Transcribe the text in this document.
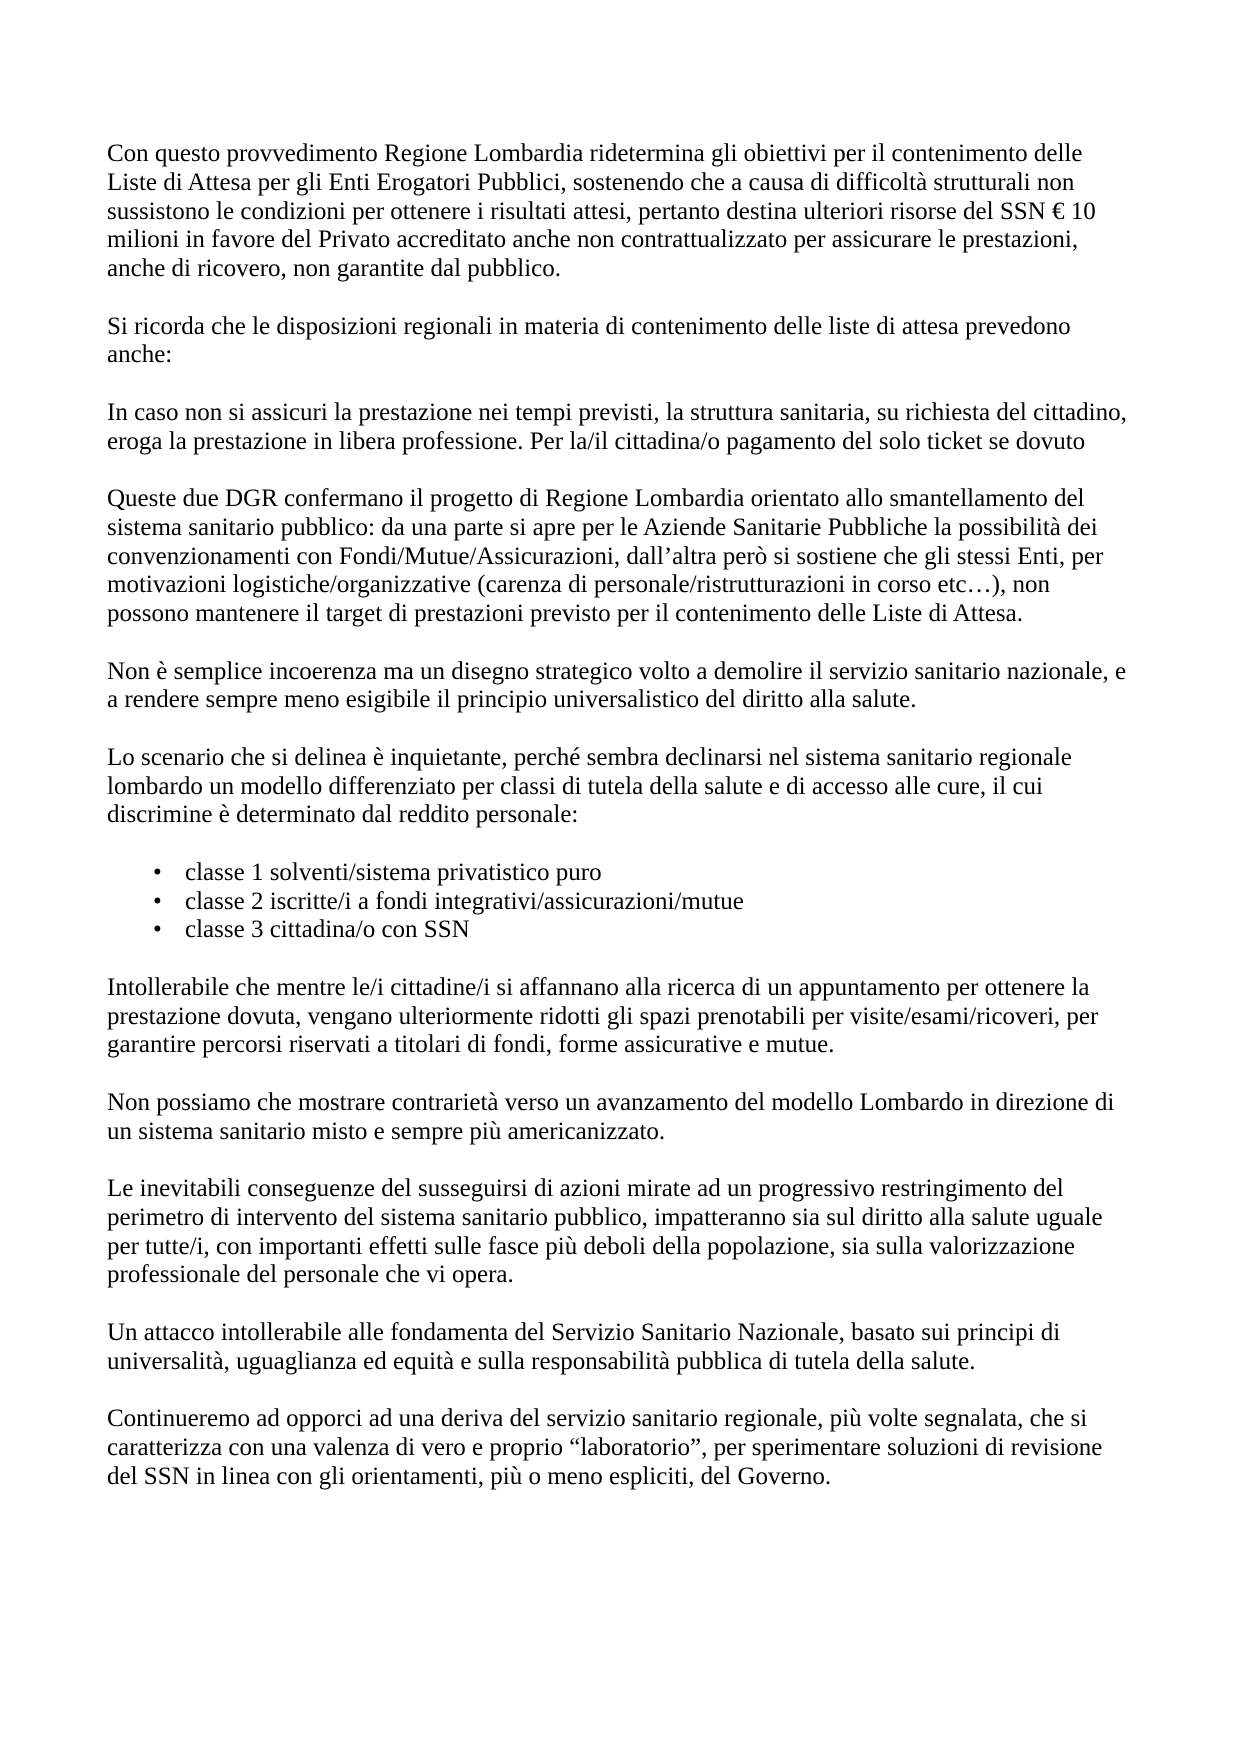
Con questo provvedimento Regione Lombardia ridetermina gli obiettivi per il contenimento delle Liste di Attesa per gli Enti Erogatori Pubblici, sostenendo che a causa di difficoltà strutturali non sussistono le condizioni per ottenere i risultati attesi, pertanto destina ulteriori risorse del SSN € 10 milioni in favore del Privato accreditato anche non contrattualizzato per assicurare le prestazioni, anche di ricovero, non garantite dal pubblico.

Si ricorda che le disposizioni regionali in materia di contenimento delle liste di attesa prevedono anche:

In caso non si assicuri la prestazione nei tempi previsti, la struttura sanitaria, su richiesta del cittadino, eroga la prestazione in libera professione. Per la/il cittadina/o pagamento del solo ticket se dovuto

Queste due DGR confermano il progetto di Regione Lombardia orientato allo smantellamento del sistema sanitario pubblico: da una parte si apre per le Aziende Sanitarie Pubbliche la possibilità dei convenzionamenti con Fondi/Mutue/Assicurazioni, dall’altra però si sostiene che gli stessi Enti, per motivazioni logistiche/organizzative (carenza di personale/ristrutturazioni in corso etc…), non possono mantenere il target di prestazioni previsto per il contenimento delle Liste di Attesa.

Non è semplice incoerenza ma un disegno strategico volto a demolire il servizio sanitario nazionale, e a rendere sempre meno esigibile il principio universalistico del diritto alla salute.

Lo scenario che si delinea è inquietante, perché sembra declinarsi nel sistema sanitario regionale lombardo un modello differenziato per classi di tutela della salute e di accesso alle cure, il cui discrimine è determinato dal reddito personale:

• classe 1 solventi/sistema privatistico puro
• classe 2 iscritte/i a fondi integrativi/assicurazioni/mutue
• classe 3 cittadina/o con SSN

Intollerabile che mentre le/i cittadine/i si affannano alla ricerca di un appuntamento per ottenere la prestazione dovuta, vengano ulteriormente ridotti gli spazi prenotabili per visite/esami/ricoveri, per garantire percorsi riservati a titolari di fondi, forme assicurative e mutue.

Non possiamo che mostrare contrarietà verso un avanzamento del modello Lombardo in direzione di un sistema sanitario misto e sempre più americanizzato.

Le inevitabili conseguenze del susseguirsi di azioni mirate ad un progressivo restringimento del perimetro di intervento del sistema sanitario pubblico, impatteranno sia sul diritto alla salute uguale per tutte/i, con importanti effetti sulle fasce più deboli della popolazione, sia sulla valorizzazione professionale del personale che vi opera.

Un attacco intollerabile alle fondamenta del Servizio Sanitario Nazionale, basato sui principi di universalità, uguaglianza ed equità e sulla responsabilità pubblica di tutela della salute.

Continueremo ad opporci ad una deriva del servizio sanitario regionale, più volte segnalata, che si caratterizza con una valenza di vero e proprio “laboratorio”, per sperimentare soluzioni di revisione del SSN in linea con gli orientamenti, più o meno espliciti, del Governo.
